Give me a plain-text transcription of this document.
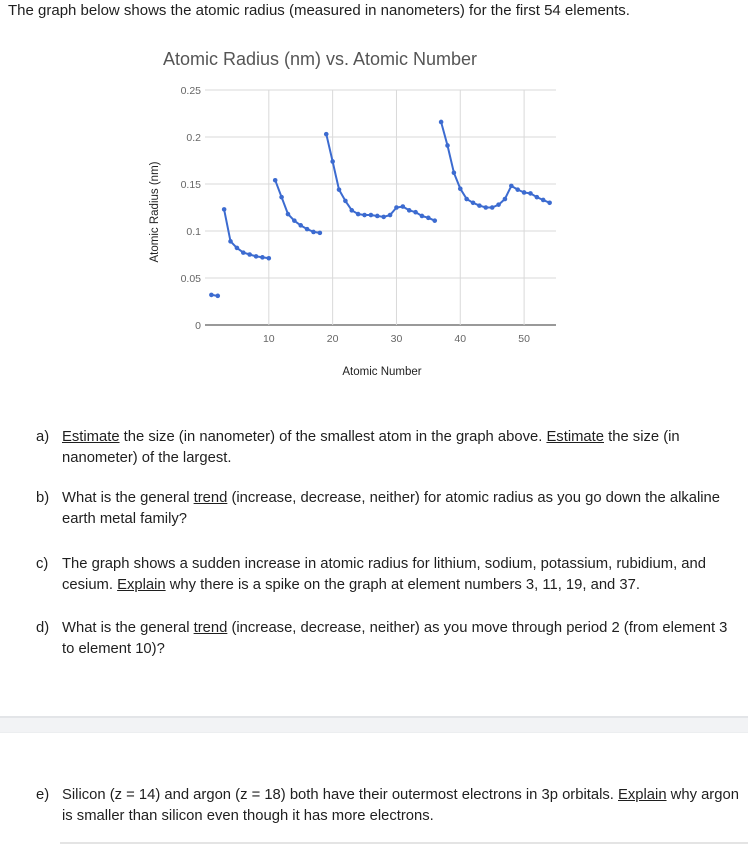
The graph below shows the atomic radius (measured in nanometers) for the first 54 elements.
Atomic Radius (nm) vs. Atomic Number
0
0.05
0.1
0.15
0.2
0.25
10	20	30	40	50
Atomic Number
Atomic Radius (nm)
a) Estimate the size (in nanometer) of the smallest atom in the graph above. Estimate the size (in nanometer) of the largest.
b) What is the general trend (increase, decrease, neither) for atomic radius as you go down the alkaline earth metal family?
c) The graph shows a sudden increase in atomic radius for lithium, sodium, potassium, rubidium, and cesium. Explain why there is a spike on the graph at element numbers 3, 11, 19, and 37.
d) What is the general trend (increase, decrease, neither) as you move through period 2 (from element 3 to element 10)?
e) Silicon (z = 14) and argon (z = 18) both have their outermost electrons in 3p orbitals. Explain why argon is smaller than silicon even though it has more electrons.
